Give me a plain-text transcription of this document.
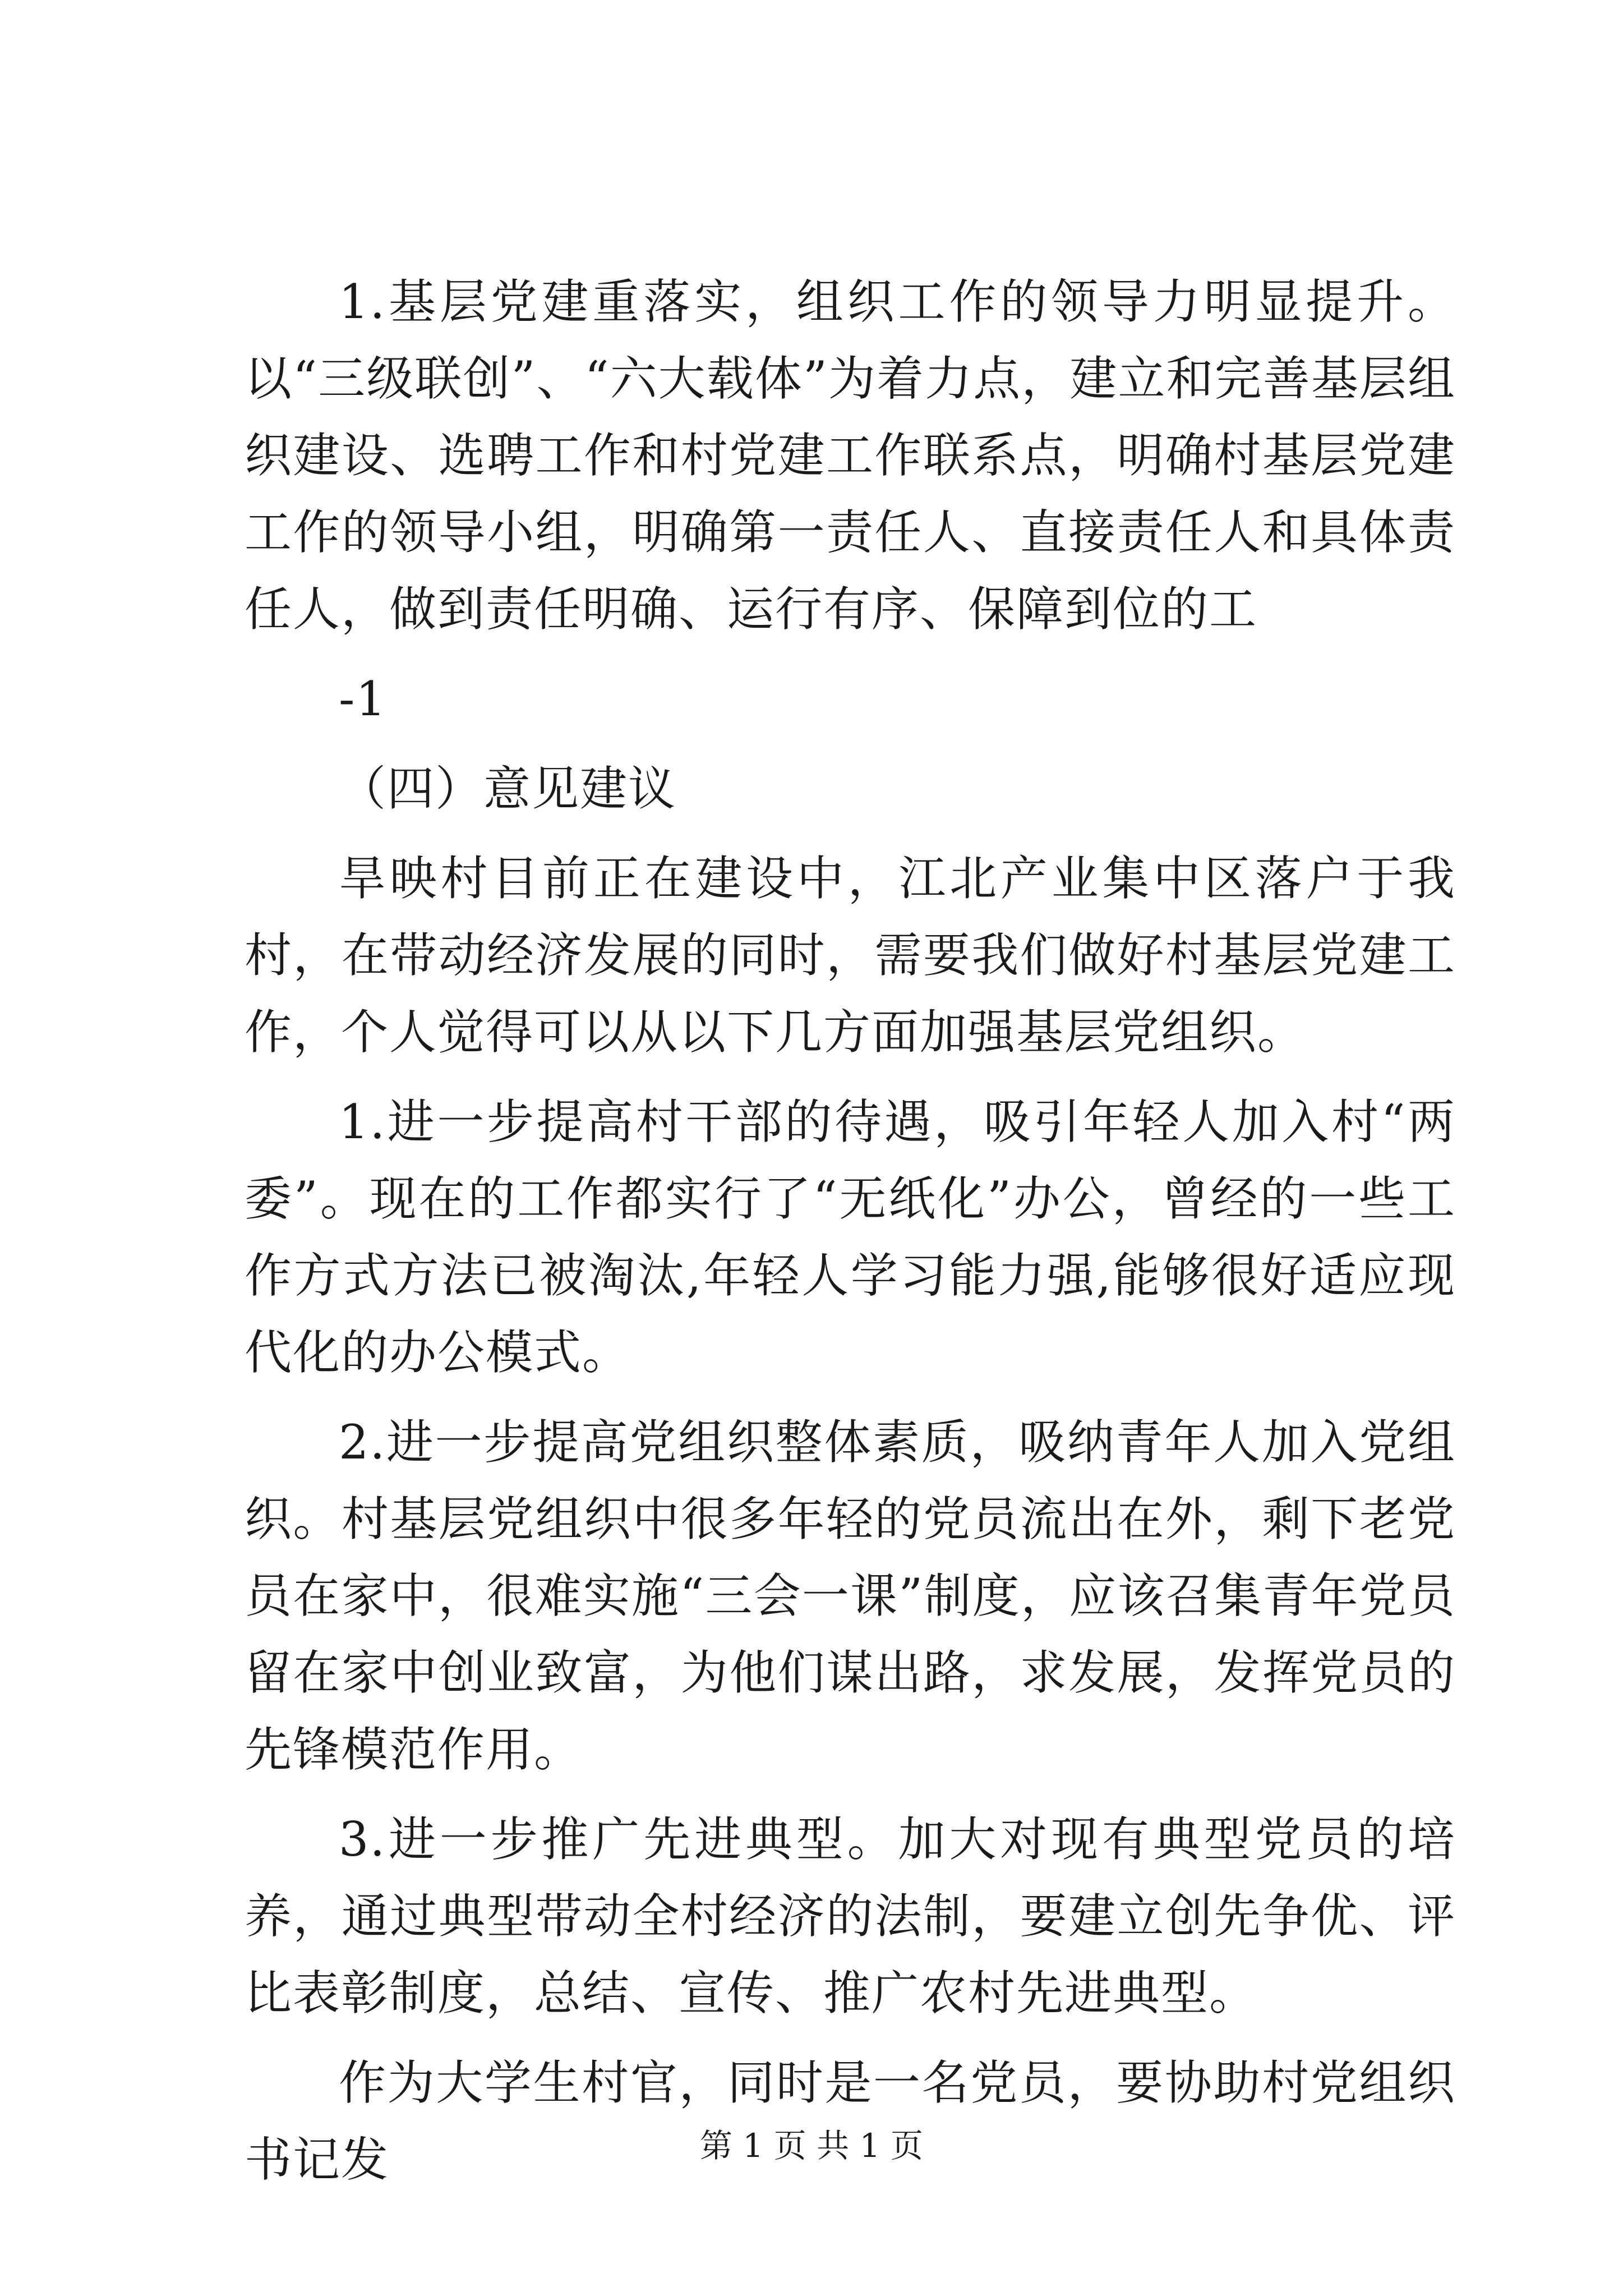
1.基层党建重落实，组织工作的领导力明显提升。以“三级联创”、“六大载体”为着力点，建立和完善基层组织建设、选聘工作和村党建工作联系点，明确村基层党建工作的领导小组，明确第一责任人、直接责任人和具体责任人，做到责任明确、运行有序、保障到位的工

-1

（四）意见建议

旱映村目前正在建设中，江北产业集中区落户于我村，在带动经济发展的同时，需要我们做好村基层党建工作，个人觉得可以从以下几方面加强基层党组织。

1.进一步提高村干部的待遇，吸引年轻人加入村“两委”。现在的工作都实行了“无纸化”办公，曾经的一些工作方式方法已被淘汰,年轻人学习能力强,能够很好适应现代化的办公模式。

2.进一步提高党组织整体素质，吸纳青年人加入党组织。村基层党组织中很多年轻的党员流出在外，剩下老党员在家中，很难实施“三会一课”制度，应该召集青年党员留在家中创业致富，为他们谋出路，求发展，发挥党员的先锋模范作用。

3.进一步推广先进典型。加大对现有典型党员的培养，通过典型带动全村经济的法制，要建立创先争优、评比表彰制度，总结、宣传、推广农村先进典型。

作为大学生村官，同时是一名党员，要协助村党组织书记发	第 1 页 共 1 页
